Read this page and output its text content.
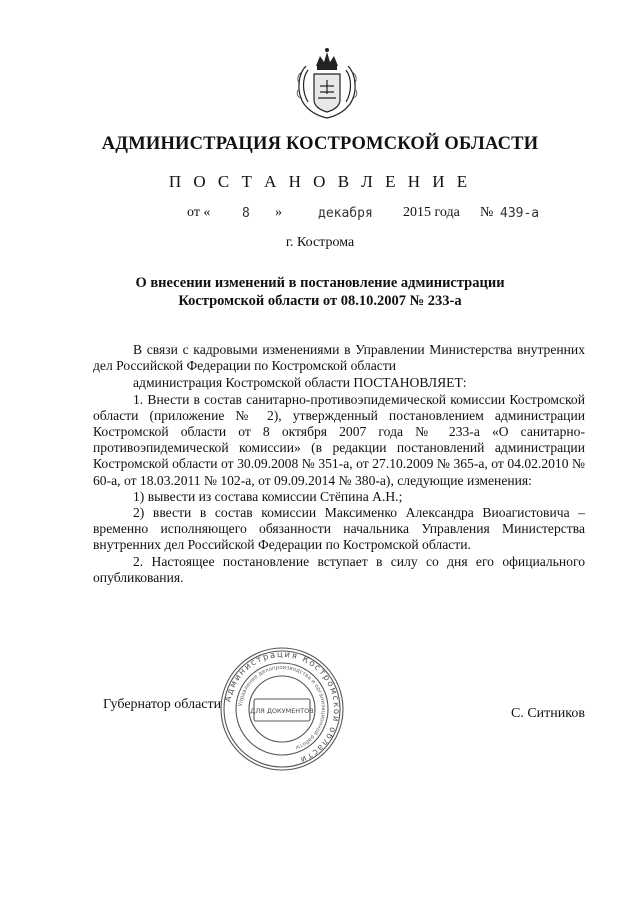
АДМИНИСТРАЦИЯ КОСТРОМСКОЙ ОБЛАСТИ
П О С Т А Н О В Л Е Н И Е
от « 8 »	декабря 2015 года № 439-а
г. Кострома
О внесении изменений в постановление администрации
Костромской области от 08.10.2007 № 233-а

В связи с кадровыми изменениями в Управлении Министерства внутренних дел Российской Федерации по Костромской области

администрация Костромской области ПОСТАНОВЛЯЕТ:

1. Внести в состав санитарно-противоэпидемической комиссии Костромской области (приложение № 2), утвержденный постановлением администрации Костромской области от 8 октября 2007 года № 233-а «О санитарно-противоэпидемической комиссии» (в редакции постановлений администрации Костромской области от 30.09.2008 № 351-а, от 27.10.2009 № 365-а, от 04.02.2010 № 60-а, от 18.03.2011 № 102-а, от 09.09.2014 № 380-а), следующие изменения:

1) вывести из состава комиссии Стёпина А.Н.;

2) ввести в состав комиссии Максименко Александра Виоагистовича – временно исполняющего обязанности начальника Управления Министерства внутренних дел Российской Федерации по Костромской области.

2. Настоящее постановление вступает в силу со дня его официального опубликования.

Губернатор области
С. Ситников
Администрация Костромской области
Управление делопроизводства и организационной работы
ДЛЯ ДОКУМЕНТОВ
